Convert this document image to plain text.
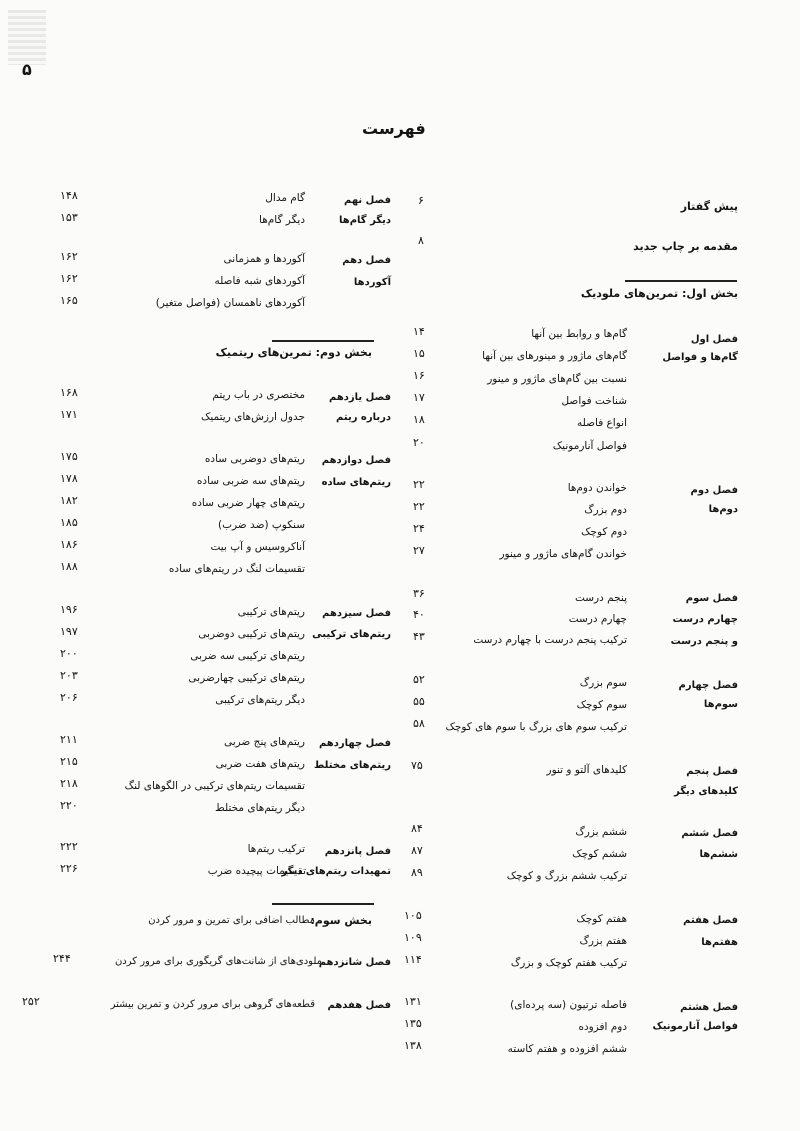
۵
فهرست
۶	پیش گفتار
۸	مقدمه بر چاپ جدید
بخش اول: تمرین‌های ملودیک
فصل اول
گام‌ها و فواصل
۱۴	گام‌ها و روابط بین آنها
۱۵	گام‌های ماژور و مینورهای بین آنها
۱۶	نسبت بین گام‌های ماژور و مینور
۱۷	شناخت فواصل
۱۸	انواع فاصله
۲۰	فواصل آنارمونیک
فصل دوم
دوم‌ها
۲۲	خواندن دوم‌ها
۲۲	دوم بزرگ
۲۴	دوم کوچک
۲۷	خواندن گام‌های ماژور و مینور
فصل سوم
چهارم درست
و پنجم درست
۳۶	پنجم درست
۴۰	چهارم درست
۴۳	ترکیب پنجم درست با چهارم درست
فصل چهارم
سوم‌ها
۵۲	سوم بزرگ
۵۵	سوم کوچک
۵۸ ترکیب سوم های بزرگ با سوم های کوچک
فصل پنجم
کلیدهای دیگر
۷۵	کلیدهای آلتو و تنور
فصل ششم
ششم‌ها
۸۴	ششم بزرگ
۸۷	ششم کوچک
۸۹	ترکیب ششم بزرگ و کوچک
فصل هفتم
هفتم‌ها
۱۰۵	هفتم کوچک
۱۰۹	هفتم بزرگ
۱۱۴	ترکیب هفتم کوچک و بزرگ
فصل هشتم
فواصل آنارمونیک
۱۳۱	فاصله ترتیون (سه پرده‌ای)
۱۳۵	دوم افزوده
۱۳۸	ششم افزوده و هفتم کاسته
فصل نهم
دیگر گام‌ها
۱۴۸	گام مدال
۱۵۳	دیگر گام‌ها
فصل دهم
آکوردها
۱۶۲	آکوردها و همزمانی
۱۶۲	آکوردهای شبه فاصله
۱۶۵	آکوردهای ناهمسان (فواصل متغیر)
بخش دوم: تمرین‌های ریتمیک
فصل یازدهم
درباره ریتم
۱۶۸	مختصری در باب ریتم
۱۷۱	جدول ارزش‌های ریتمیک
فصل دوازدهم
ریتم‌های ساده
۱۷۵	ریتم‌های دوضربی ساده
۱۷۸	ریتم‌های سه ضربی ساده
۱۸۲	ریتم‌های چهار ضربی ساده
۱۸۵	سنکوپ (ضد ضرب)
۱۸۶	آناکروسیس و آپ بیت
۱۸۸	تقسیمات لنگ در ریتم‌های ساده
فصل سیزدهم
ریتم‌های ترکیبی
۱۹۶	ریتم‌های ترکیبی
۱۹۷	ریتم‌های ترکیبی دوضربی
۲۰۰	ریتم‌های ترکیبی سه ضربی
۲۰۳	ریتم‌های ترکیبی چهارضربی
۲۰۶	دیگر ریتم‌های ترکیبی
فصل چهاردهم
ریتم‌های مختلط
۲۱۱	ریتم‌های پنج ضربی
۲۱۵	ریتم‌های هفت ضربی
۲۱۸	تقسیمات ریتم‌های ترکیبی در الگوهای لنگ
۲۲۰	دیگر ریتم‌های مختلط
فصل پانزدهم
تمهیدات ریتم‌های دیگر
۲۲۲	ترکیب ریتم‌ها
۲۲۶	تقسیمات پیچیده ضرب
بخش سوم:
مطالب اضافی برای تمرین و مرور کردن
فصل شانزدهم
۲۴۴	ملودی‌های از شانت‌های گریگوری برای مرور کردن
فصل هفدهم
۲۵۲	قطعه‌های گروهی برای مرور کردن و تمرین بیشتر
